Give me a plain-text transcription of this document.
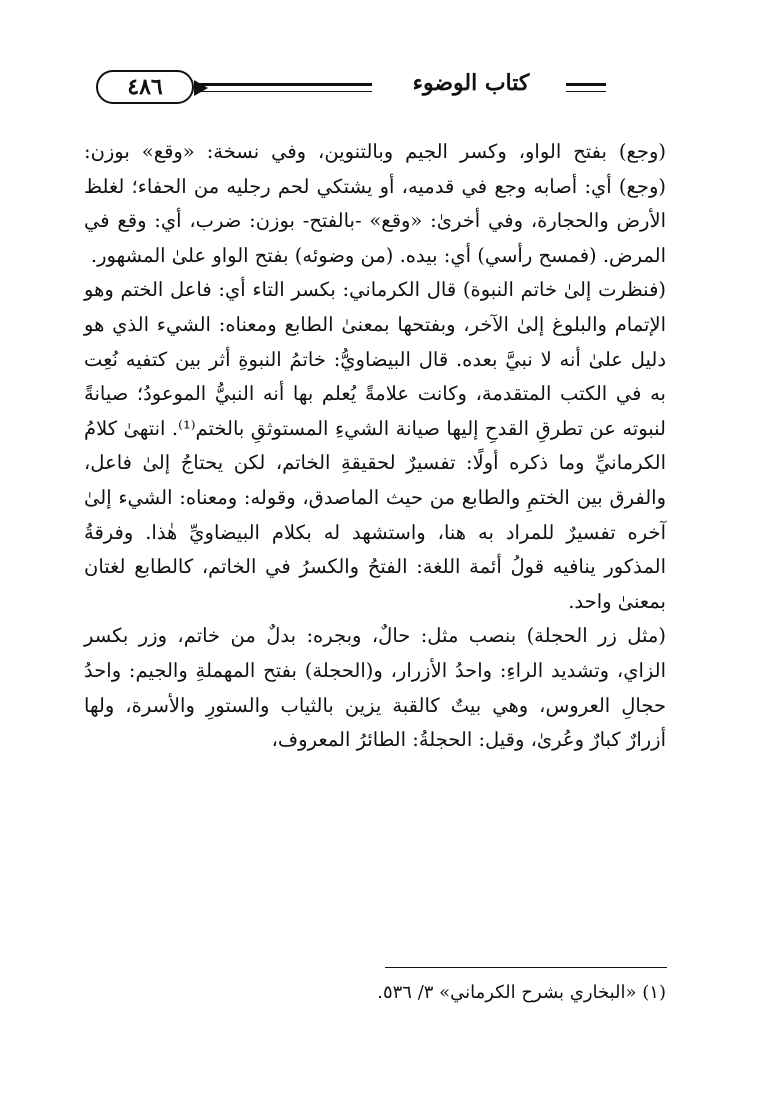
٤٨٦	كتاب الوضوء

(وجع) بفتح الواو، وكسر الجيم وبالتنوين، وفي نسخة: «وقع» بوزن: (وجع) أي: أصابه وجع في قدميه، أو يشتكي لحم رجليه من الحفاء؛ لغلظ الأرض والحجارة، وفي أخرىٰ: «وقع» -بالفتح- بوزن: ضرب، أي: وقع في المرض. (فمسح رأسي) أي: بيده. (من وضوئه) بفتح الواو علىٰ المشهور.

(فنظرت إلىٰ خاتم النبوة) قال الكرماني: بكسر التاء أي: فاعل الختم وهو الإتمام والبلوغ إلىٰ الآخر، وبفتحها بمعنىٰ الطابع ومعناه: الشيء الذي هو دليل علىٰ أنه لا نبيَّ بعده. قال البيضاويُّ: خاتمُ النبوةِ أثر بين كتفيه نُعِت به في الكتب المتقدمة، وكانت علامةً يُعلم بها أنه النبيُّ الموعودُ؛ صيانةً لنبوته عن تطرقِ القدحِ إليها صيانة الشيءِ المستوثقِ بالختم⁽¹⁾. انتهىٰ كلامُ الكرمانيِّ وما ذكره أولًا: تفسيرٌ لحقيقةِ الخاتم، لكن يحتاجُ إلىٰ فاعل، والفرق بين الختمِ والطابع من حيث الماصدق، وقوله: ومعناه: الشيء إلىٰ آخره تفسيرٌ للمراد به هنا، واستشهد له بكلام البيضاويِّ هٰذا. وفرقةُ المذكور ينافيه قولُ أئمة اللغة: الفتحُ والكسرُ في الخاتم، كالطابع لغتان بمعنىٰ واحد.

(مثل زر الحجلة) بنصب مثل: حالٌ، وبجره: بدلٌ من خاتم، وزر بكسر الزاي، وتشديد الراءِ: واحدُ الأزرار، و(الحجلة) بفتح المهملةِ والجيم: واحدُ حجالِ العروس، وهي بيتٌ كالقبة يزين بالثياب والستورِ والأسرة، ولها أزرارٌ كبارٌ وعُرىٰ، وقيل: الحجلةُ: الطائرُ المعروف،

(١) «البخاري بشرح الكرماني» ٣/ ٥٣٦.
